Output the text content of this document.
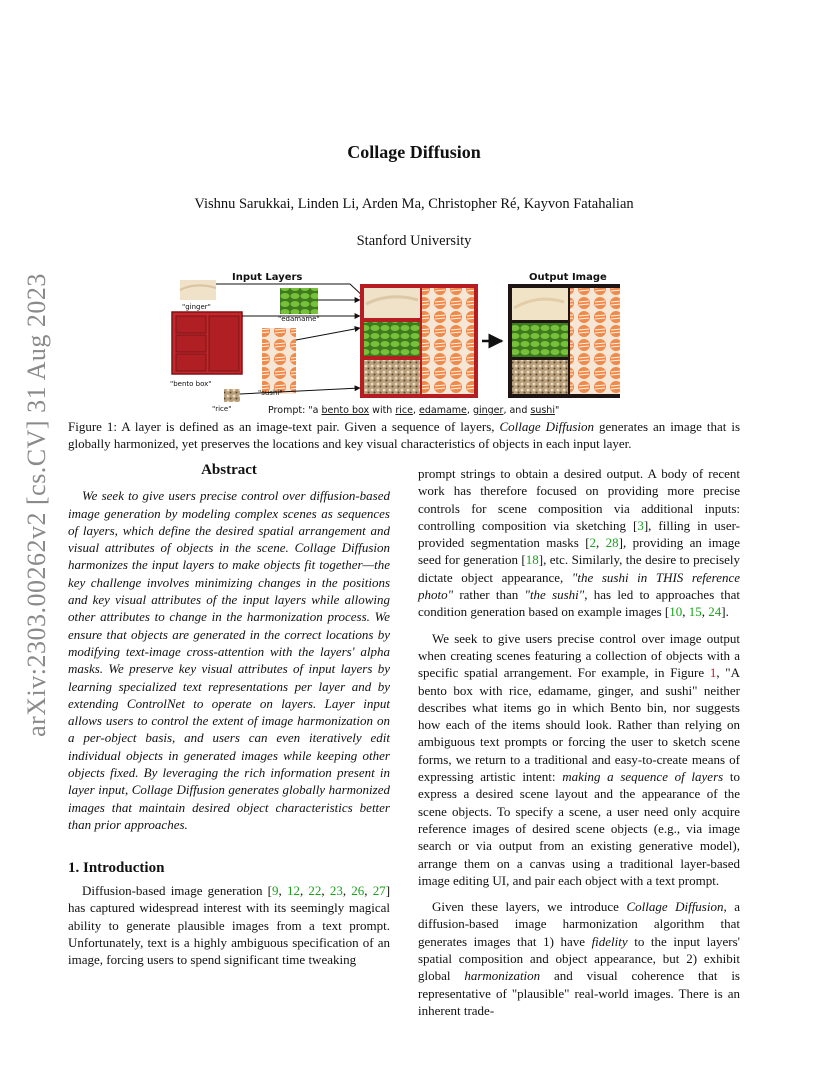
arXiv:2303.00262v2 [cs.CV] 31 Aug 2023
Collage Diffusion
Vishnu Sarukkai, Linden Li, Arden Ma, Christopher Ré, Kayvon Fatahalian
Stanford University
Input Layers	Output Image
"ginger"
"edamame"
"bento box"
"sushi"
"rice"	Prompt: "a bento box with rice, edamame, ginger, and sushi"
Figure 1: A layer is defined as an image-text pair. Given a sequence of layers, Collage Diffusion generates an image that is globally harmonized, yet preserves the locations and key visual characteristics of objects in each input layer.
Abstract

We seek to give users precise control over diffusion-based image generation by modeling complex scenes as sequences of layers, which define the desired spatial arrangement and visual attributes of objects in the scene. Collage Diffusion harmonizes the input layers to make objects fit together—the key challenge involves minimizing changes in the positions and key visual attributes of the input layers while allowing other attributes to change in the harmonization process. We ensure that objects are generated in the correct locations by modifying text-image cross-attention with the layers' alpha masks. We preserve key visual attributes of input layers by learning specialized text representations per layer and by extending ControlNet to operate on layers. Layer input allows users to control the extent of image harmonization on a per-object basis, and users can even iteratively edit individual objects in generated images while keeping other objects fixed. By leveraging the rich information present in layer input, Collage Diffusion generates globally harmonized images that maintain desired object characteristics better than prior approaches.

1. Introduction

Diffusion-based image generation [9, 12, 22, 23, 26, 27] has captured widespread interest with its seemingly magical ability to generate plausible images from a text prompt. Unfortunately, text is a highly ambiguous specification of an image, forcing users to spend significant time tweaking

prompt strings to obtain a desired output. A body of recent work has therefore focused on providing more precise controls for scene composition via additional inputs: controlling composition via sketching [3], filling in user-provided segmentation masks [2, 28], providing an image seed for generation [18], etc. Similarly, the desire to precisely dictate object appearance, "the sushi in THIS reference photo" rather than "the sushi", has led to approaches that condition generation based on example images [10, 15, 24].

We seek to give users precise control over image output when creating scenes featuring a collection of objects with a specific spatial arrangement. For example, in Figure 1, "A bento box with rice, edamame, ginger, and sushi" neither describes what items go in which Bento bin, nor suggests how each of the items should look. Rather than relying on ambiguous text prompts or forcing the user to sketch scene forms, we return to a traditional and easy-to-create means of expressing artistic intent: making a sequence of layers to express a desired scene layout and the appearance of the scene objects. To specify a scene, a user need only acquire reference images of desired scene objects (e.g., via image search or via output from an existing generative model), arrange them on a canvas using a traditional layer-based image editing UI, and pair each object with a text prompt.

Given these layers, we introduce Collage Diffusion, a diffusion-based image harmonization algorithm that generates images that 1) have fidelity to the input layers' spatial composition and object appearance, but 2) exhibit global harmonization and visual coherence that is representative of "plausible" real-world images. There is an inherent trade-
